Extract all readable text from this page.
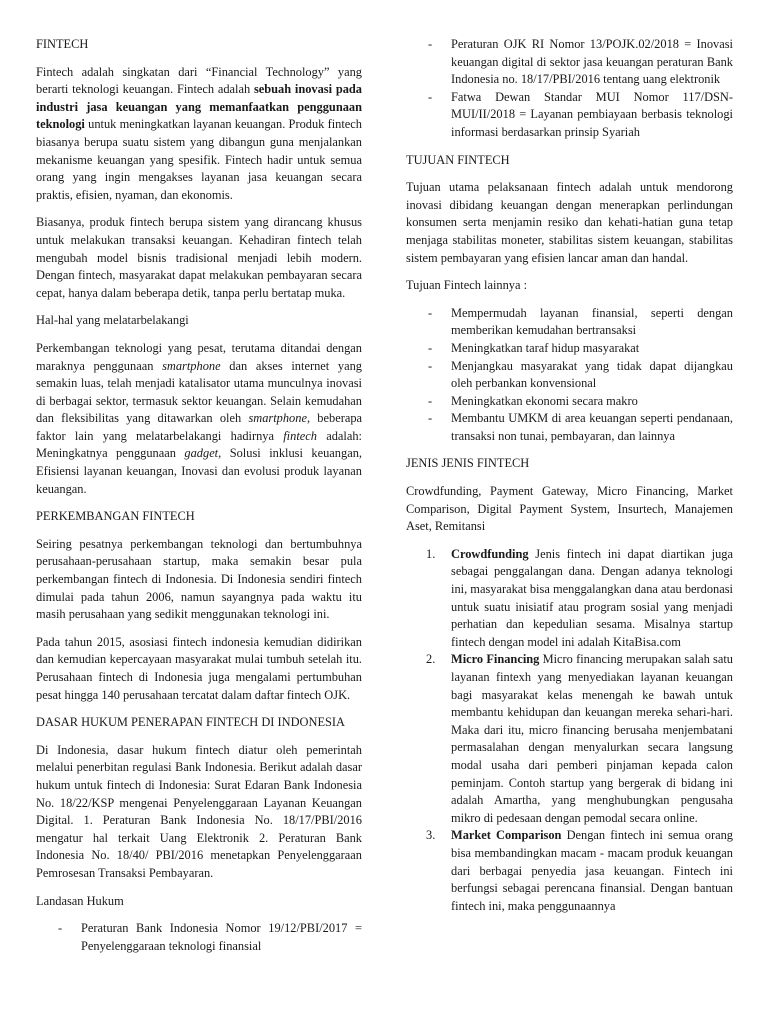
FINTECH

Fintech adalah singkatan dari “Financial Technology” yang berarti teknologi keuangan. Fintech adalah sebuah inovasi pada industri jasa keuangan yang memanfaatkan penggunaan teknologi untuk meningkatkan layanan keuangan. Produk fintech biasanya berupa suatu sistem yang dibangun guna menjalankan mekanisme keuangan yang spesifik. Fintech hadir untuk semua orang yang ingin mengakses layanan jasa keuangan secara praktis, efisien, nyaman, dan ekonomis.

Biasanya, produk fintech berupa sistem yang dirancang khusus untuk melakukan transaksi keuangan. Kehadiran fintech telah mengubah model bisnis tradisional menjadi lebih modern. Dengan fintech, masyarakat dapat melakukan pembayaran secara cepat, hanya dalam beberapa detik, tanpa perlu bertatap muka.

Hal-hal yang melatarbelakangi

Perkembangan teknologi yang pesat, terutama ditandai dengan maraknya penggunaan smartphone dan akses internet yang semakin luas, telah menjadi katalisator utama munculnya inovasi di berbagai sektor, termasuk sektor keuangan. Selain kemudahan dan fleksibilitas yang ditawarkan oleh smartphone, beberapa faktor lain yang melatarbelakangi hadirnya fintech adalah: Meningkatnya penggunaan gadget, Solusi inklusi keuangan, Efisiensi layanan keuangan, Inovasi dan evolusi produk layanan keuangan.

PERKEMBANGAN FINTECH

Seiring pesatnya perkembangan teknologi dan bertumbuhnya perusahaan-perusahaan startup, maka semakin besar pula perkembangan fintech di Indonesia. Di Indonesia sendiri fintech dimulai pada tahun 2006, namun sayangnya pada waktu itu masih perusahaan yang sedikit menggunakan teknologi ini.

Pada tahun 2015, asosiasi fintech indonesia kemudian didirikan dan kemudian kepercayaan masyarakat mulai tumbuh setelah itu. Perusahaan fintech di Indonesia juga mengalami pertumbuhan pesat hingga 140 perusahaan tercatat dalam daftar fintech OJK.

DASAR HUKUM PENERAPAN FINTECH DI INDONESIA

Di Indonesia, dasar hukum fintech diatur oleh pemerintah melalui penerbitan regulasi Bank Indonesia. Berikut adalah dasar hukum untuk fintech di Indonesia: Surat Edaran Bank Indonesia No. 18/22/KSP mengenai Penyelenggaraan Layanan Keuangan Digital. 1. Peraturan Bank Indonesia No. 18/17/PBI/2016 mengatur hal terkait Uang Elektronik 2. Peraturan Bank Indonesia No. 18/40/ PBI/2016 menetapkan Penyelenggaraan Pemrosesan Transaksi Pembayaran.

Landasan Hukum

- Peraturan Bank Indonesia Nomor 19/12/PBI/2017 = Penyelenggaraan teknologi finansial
- Peraturan OJK RI Nomor 13/POJK.02/2018 = Inovasi keuangan digital di sektor jasa keuangan peraturan Bank Indonesia no. 18/17/PBI/2016 tentang uang elektronik
- Fatwa Dewan Standar MUI Nomor 117/DSN-MUI/II/2018 = Layanan pembiayaan berbasis teknologi informasi berdasarkan prinsip Syariah

TUJUAN FINTECH

Tujuan utama pelaksanaan fintech adalah untuk mendorong inovasi dibidang keuangan dengan menerapkan perlindungan konsumen serta menjamin resiko dan kehati-hatian guna tetap menjaga stabilitas moneter, stabilitas sistem keuangan, stabilitas sistem pembayaran yang efisien lancar aman dan handal.

Tujuan Fintech lainnya :

- Mempermudah layanan finansial, seperti dengan memberikan kemudahan bertransaksi
- Meningkatkan taraf hidup masyarakat
- Menjangkau masyarakat yang tidak dapat dijangkau oleh perbankan konvensional
- Meningkatkan ekonomi secara makro
- Membantu UMKM di area keuangan seperti pendanaan, transaksi non tunai, pembayaran, dan lainnya

JENIS JENIS FINTECH

Crowdfunding, Payment Gateway, Micro Financing, Market Comparison, Digital Payment System, Insurtech, Manajemen Aset, Remitansi

1. Crowdfunding Jenis fintech ini dapat diartikan juga sebagai penggalangan dana. Dengan adanya teknologi ini, masyarakat bisa menggalangkan dana atau berdonasi untuk suatu inisiatif atau program sosial yang menjadi perhatian dan kepedulian sesama. Misalnya startup fintech dengan model ini adalah KitaBisa.com
2. Micro Financing Micro financing merupakan salah satu layanan fintexh yang menyediakan layanan keuangan bagi masyarakat kelas menengah ke bawah untuk membantu kehidupan dan keuangan mereka sehari-hari. Maka dari itu, micro financing berusaha menjembatani permasalahan dengan menyalurkan secara langsung modal usaha dari pemberi pinjaman kepada calon peminjam. Contoh startup yang bergerak di bidang ini adalah Amartha, yang menghubungkan pengusaha mikro di pedesaan dengan pemodal secara online.
3. Market Comparison Dengan fintech ini semua orang bisa membandingkan macam - macam produk keuangan dari berbagai penyedia jasa keuangan. Fintech ini berfungsi sebagai perencana finansial. Dengan bantuan fintech ini, maka penggunaannya
